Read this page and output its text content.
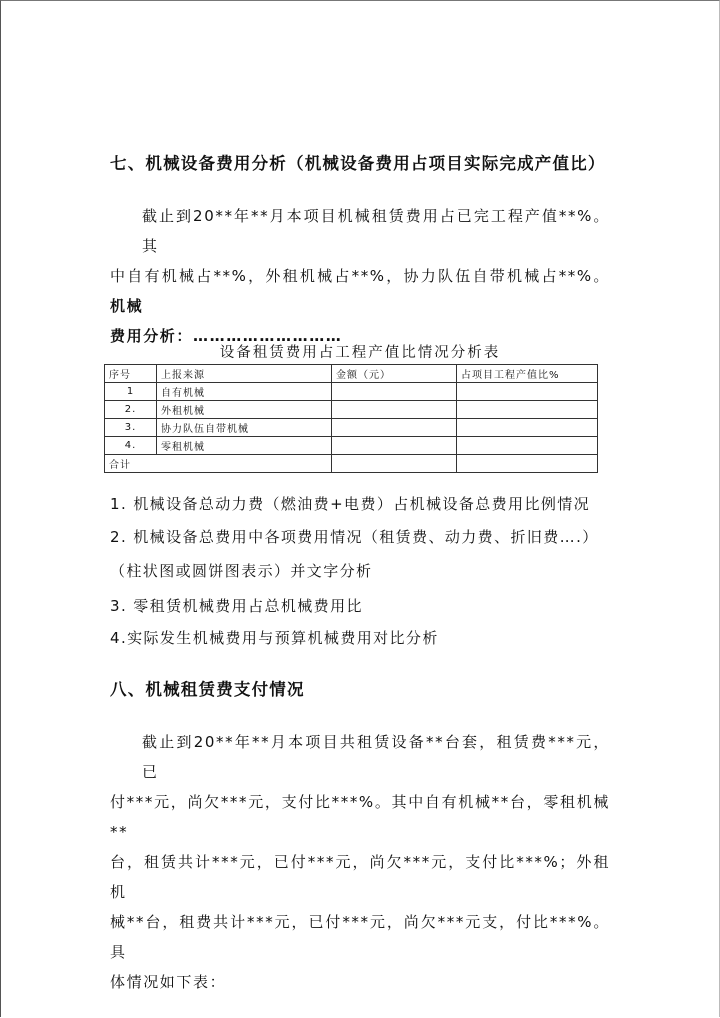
七、机械设备费用分析（机械设备费用占项目实际完成产值比）
截止到20**年**月本项目机械租赁费用占已完工程产值**%。其
中自有机械占**%，外租机械占**%，协力队伍自带机械占**%。机械
费用分析：………………………
设备租赁费用占工程产值比情况分析表
序号	上报来源	金额（元）	占项目工程产值比%
1	自有机械		
2.	外租机械		
3.	协力队伍自带机械		
4.	零租机械		
合计			
1. 机械设备总动力费（燃油费+电费）占机械设备总费用比例情况
2. 机械设备总费用中各项费用情况（租赁费、动力费、折旧费….）
（柱状图或圆饼图表示）并文字分析
3. 零租赁机械费用占总机械费用比
4.实际发生机械费用与预算机械费用对比分析
八、机械租赁费支付情况
截止到20**年**月本项目共租赁设备**台套，租赁费***元，已
付***元，尚欠***元，支付比***%。其中自有机械**台，零租机械**
台，租赁共计***元，已付***元，尚欠***元，支付比***%；外租机
械**台，租费共计***元，已付***元，尚欠***元支，付比***%。具
体情况如下表：
